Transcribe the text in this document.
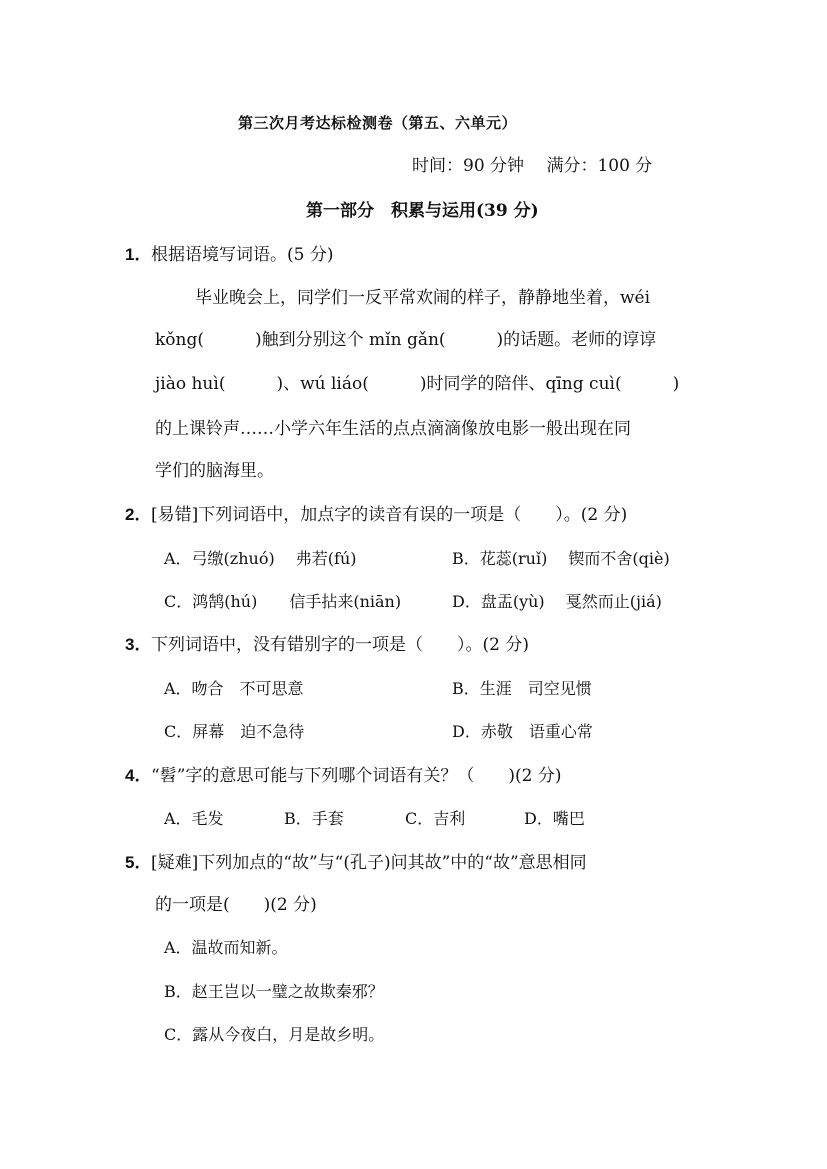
第三次月考达标检测卷（第五、六单元）
时间：90 分钟　 满分：100 分
第一部分　积累与运用(39 分)
1．根据语境写词语。(5 分)
毕业晚会上，同学们一反平常欢闹的样子，静静地坐着，wéi
kǒng(　　　)触到分别这个 mǐn gǎn(　　　)的话题。老师的谆谆
jiào huì(　　　)、wú liáo(　　　)时同学的陪伴、qīng cuì(　　　)
的上课铃声……小学六年生活的点点滴滴像放电影一般出现在同
学们的脑海里。
2．[易错]下列词语中，加点字的读音有误的一项是（　　）。(2 分)
A．弓缴(zhuó)　 弗若(fú)	B．花蕊(ruǐ)　 锲而不舍(qiè)
C．鸿鹄(hú)　　信手拈来(niān)	D．盘盂(yù)　 戛然而止(jiá)
3．下列词语中，没有错别字的一项是（　　）。(2 分)
A．吻合　不可思意	B．生涯　司空见惯
C．屏幕　迫不急待	D．赤敬　语重心常
4．“髫”字的意思可能与下列哪个词语有关？（　　)(2 分)
A．毛发	B．手套	C．吉利	D．嘴巴
5．[疑难]下列加点的“故”与“(孔子)问其故”中的“故”意思相同
的一项是(　　)(2 分)
A．温故而知新。
B．赵王岂以一璧之故欺秦邪？
C．露从今夜白，月是故乡明。
